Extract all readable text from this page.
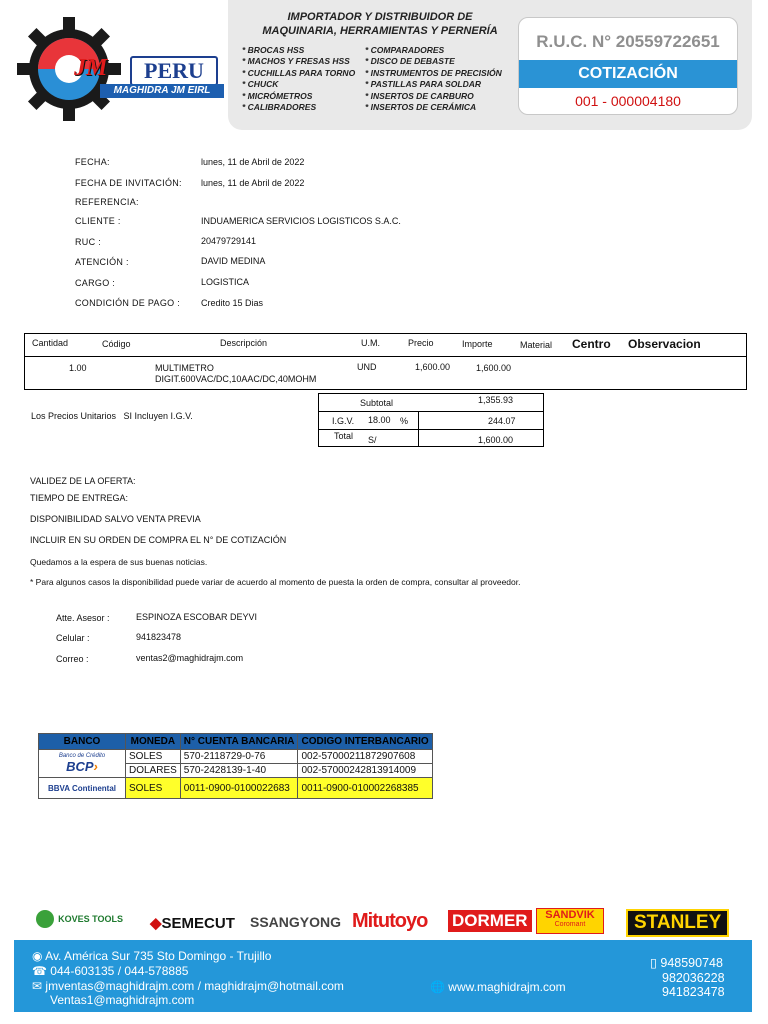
JM	PERU
MAGHIDRA JM EIRL
IMPORTADOR Y DISTRIBUIDOR DE
MAQUINARIA, HERRAMIENTAS Y PERNERÍA
* BROCAS HSS
* MACHOS Y FRESAS HSS
* CUCHILLAS PARA TORNO
* CHUCK
* MICRÓMETROS
* CALIBRADORES
* COMPARADORES
* DISCO DE DEBASTE
* INSTRUMENTOS DE PRECISIÓN
* PASTILLAS PARA SOLDAR
* INSERTOS DE CARBURO
* INSERTOS DE CERÁMICA
R.U.C. N° 20559722651
COTIZACIÓN
001 - 000004180
FECHA:	lunes, 11 de Abril de 2022
FECHA DE INVITACIÓN: lunes, 11 de Abril de 2022
REFERENCIA:
CLIENTE :	INDUAMERICA SERVICIOS LOGISTICOS S.A.C.
RUC :	20479729141
ATENCIÓN :	DAVID MEDINA
CARGO :	LOGISTICA
CONDICIÓN DE PAGO : Credito 15 Dias
Cantidad	Código	Descripción	U.M.	Precio	Importe	Material Centro Observacion
1.00	MULTIMETRO
DIGIT.600VAC/DC,10AAC/DC,40MOHM
UND	1,600.00	1,600.00
Los Precios Unitarios   SI Incluyen I.G.V.
Subtotal	1,355.93
I.G.V. 18.00 %	244.07
Total S/	1,600.00
VALIDEZ DE LA OFERTA:
TIEMPO DE ENTREGA:
DISPONIBILIDAD SALVO VENTA PREVIA
INCLUIR EN SU ORDEN DE COMPRA EL N° DE COTIZACIÓN
Quedamos a la espera de sus buenas noticias.
* Para algunos casos la disponibilidad puede variar de acuerdo al momento de puesta la orden de compra, consultar al proveedor.
Atte. Asesor :	ESPINOZA ESCOBAR DEYVI
Celular :	941823478
Correo :	ventas2@maghidrajm.com
BANCO	MONEDA	N° CUENTA BANCARIA	CODIGO INTERBANCARIO

Banco de Crédito
BCP›	SOLES	570-2118729-0-76	002-57000211872907608
	DOLARES	570-2428139-1-40	002-57000242813914009
BBVA Continental	SOLES	0011-0900-0100022683	0011-0900-010002268385
KOVES TOOLS ◆SEMECUT SSANGYONG Mitutoyo DORMER	SANDVIK
Coromant	STANLEY
◉ Av. América Sur 735 Sto Domingo - Trujillo
☎ 044-603135 / 044-578885
✉ jmventas@maghidrajm.com / maghidrajm@hotmail.com
Ventas1@maghidrajm.com
🌐 www.maghidrajm.com
▯ 948590748
982036228
941823478
